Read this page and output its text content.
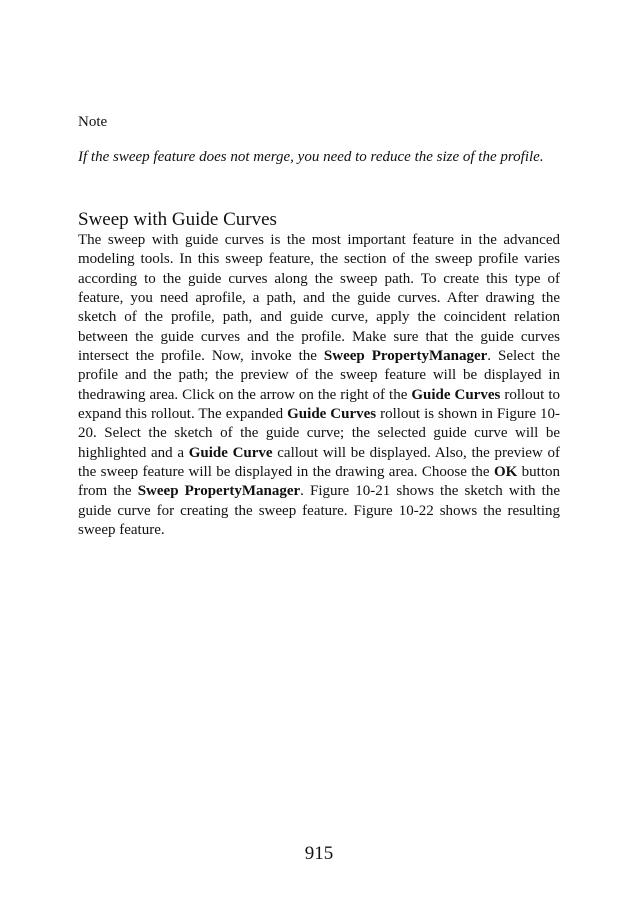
Note

If the sweep feature does not merge, you need to reduce the size of the profile.

Sweep with Guide Curves

The sweep with guide curves is the most important feature in the advanced modeling tools. In this sweep feature, the section of the sweep profile varies according to the guide curves along the sweep path. To create this type of feature, you need aprofile, a path, and the guide curves. After drawing the sketch of the profile, path, and guide curve, apply the coincident relation between the guide curves and the profile. Make sure that the guide curves intersect the profile. Now, invoke the Sweep PropertyManager. Select the profile and the path; the preview of the sweep feature will be displayed in thedrawing area. Click on the arrow on the right of the Guide Curves rollout to expand this rollout. The expanded Guide Curves rollout is shown in Figure 10-20. Select the sketch of the guide curve; the selected guide curve will be highlighted and a Guide Curve callout will be displayed. Also, the preview of the sweep feature will be displayed in the drawing area. Choose the OK button from the Sweep PropertyManager. Figure 10-21 shows the sketch with the guide curve for creating the sweep feature. Figure 10-22 shows the resulting sweep feature.

915
